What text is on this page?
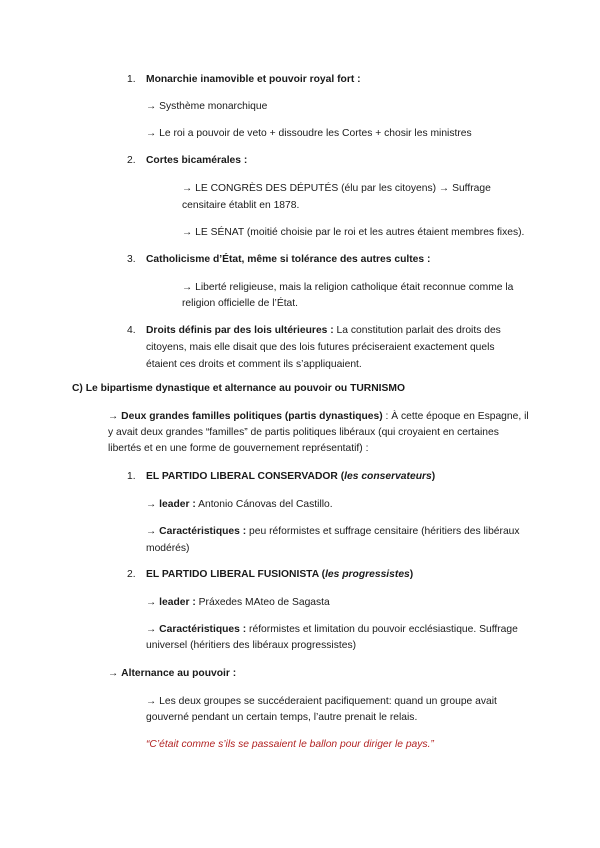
1. Monarchie inamovible et pouvoir royal fort :
→ Systhème monarchique
→ Le roi a pouvoir de veto + dissoudre les Cortes + chosir les ministres
2. Cortes bicamérales :
→ LE CONGRÈS DES DÉPUTÉS (élu par les citoyens) → Suffrage
censitaire établit en 1878.
→ LE SÉNAT (moitié choisie par le roi et les autres étaient membres fixes).
3. Catholicisme d’État, même si tolérance des autres cultes :
→ Liberté religieuse, mais la religion catholique était reconnue comme la
religion officielle de l’État.
4. Droits définis par des lois ultérieures : La constitution parlait des droits des
citoyens, mais elle disait que des lois futures préciseraient exactement quels
étaient ces droits et comment ils s’appliquaient.
C) Le bipartisme dynastique et alternance au pouvoir ou TURNISMO
→ Deux grandes familles politiques (partis dynastiques) : À cette époque en Espagne, il
y avait deux grandes “familles” de partis politiques libéraux (qui croyaient en certaines
libertés et en une forme de gouvernement représentatif) :
1. EL PARTIDO LIBERAL CONSERVADOR (les conservateurs)
→ leader : Antonio Cánovas del Castillo.
→ Caractéristiques : peu réformistes et suffrage censitaire (héritiers des libéraux
modérés)
2. EL PARTIDO LIBERAL FUSIONISTA (les progressistes)
→ leader : Práxedes MAteo de Sagasta
→ Caractéristiques : réformistes et limitation du pouvoir ecclésiastique. Suffrage
universel (héritiers des libéraux progressistes)
→ Alternance au pouvoir :
→ Les deux groupes se succéderaient pacifiquement: quand un groupe avait
gouverné pendant un certain temps, l’autre prenait le relais.
“C’était comme s’ils se passaient le ballon pour diriger le pays.”
